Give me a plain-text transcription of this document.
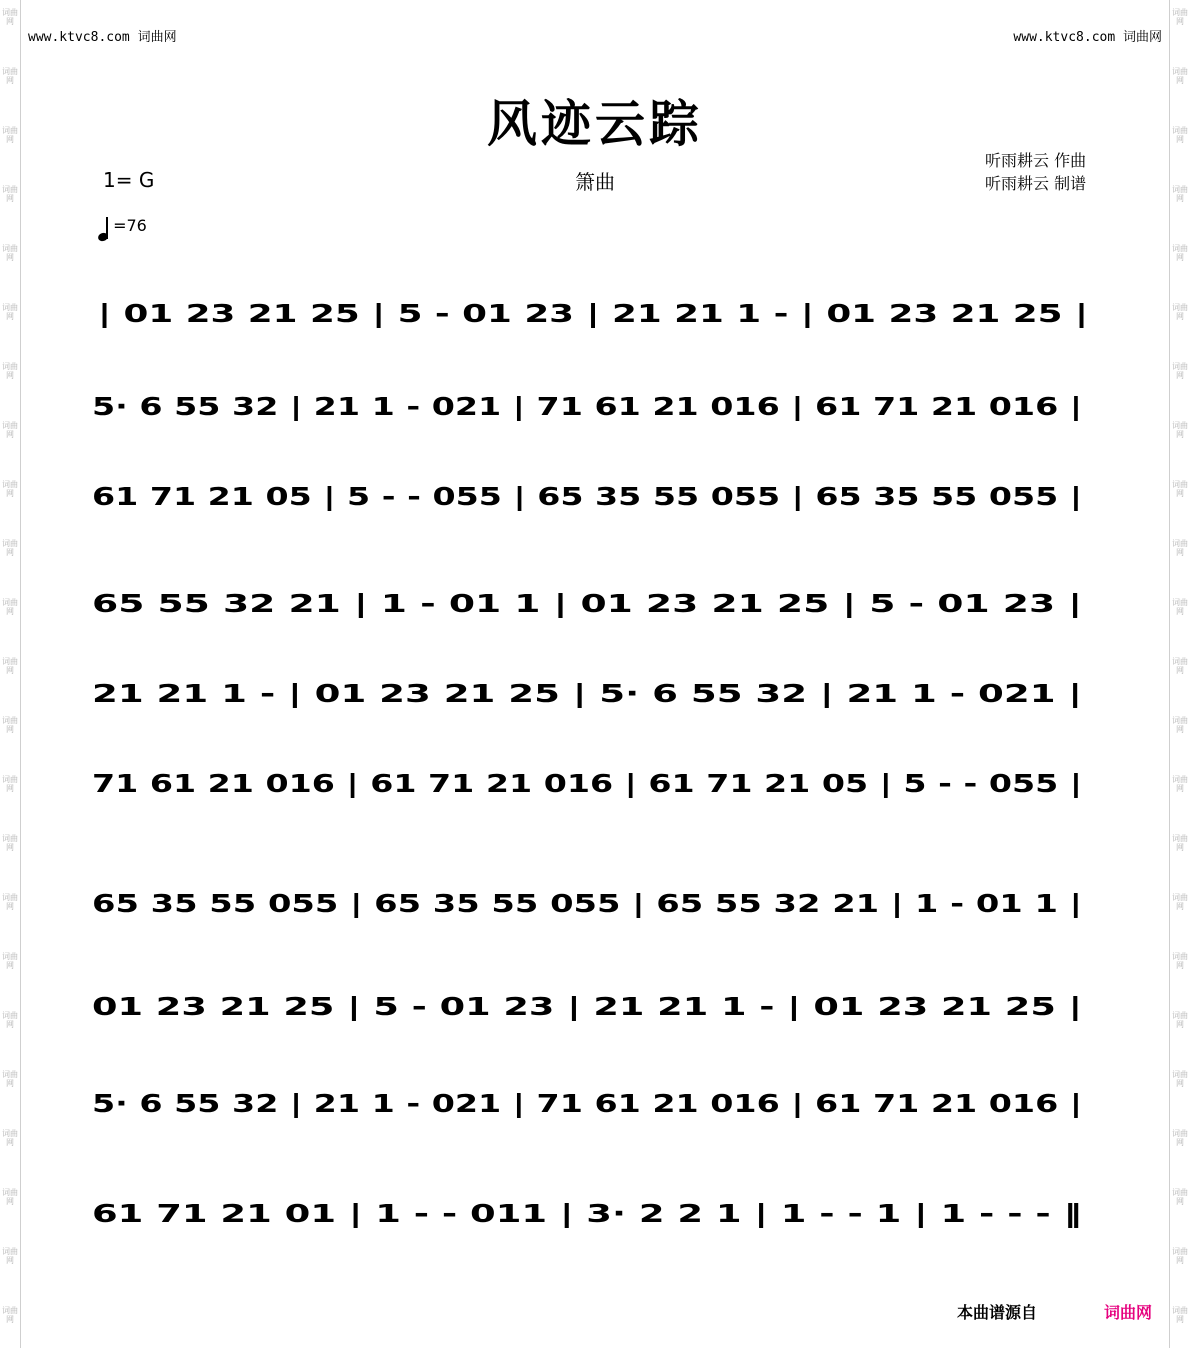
词曲网
词曲网
词曲网
词曲网
词曲网
词曲网
词曲网
词曲网
词曲网
词曲网
词曲网
词曲网
词曲网
词曲网
词曲网
词曲网
词曲网
词曲网
词曲网
词曲网
词曲网
词曲网
词曲网
词曲网
词曲网
词曲网
词曲网
词曲网
词曲网
词曲网
词曲网
词曲网
词曲网
词曲网
词曲网
词曲网
词曲网
词曲网
词曲网
词曲网
词曲网
词曲网
词曲网
词曲网
词曲网
词曲网
www.ktvc8.com 词曲网	www.ktvc8.com 词曲网
风迹云踪
箫曲
1= G
听雨耕云 作曲
听雨耕云 制谱
=76
| 01 23 21 25 | 5 - 01 23 | 21 21 1 - | 01 23 21 25 |
5· 6 55 32 | 21 1 - 021 | 71 61 21 016 | 61 71 21 016 |
61 71 21 05 | 5 - - 055 | 65 35 55 055 | 65 35 55 055 |
65 55 32 21 | 1 - 01 1 | 01 23 21 25 | 5 - 01 23 |
21 21 1 - | 01 23 21 25 | 5· 6 55 32 | 21 1 - 021 |
71 61 21 016 | 61 71 21 016 | 61 71 21 05 | 5 - - 055 |
65 35 55 055 | 65 35 55 055 | 65 55 32 21 | 1 - 01 1 |
01 23 21 25 | 5 - 01 23 | 21 21 1 - | 01 23 21 25 |
5· 6 55 32 | 21 1 - 021 | 71 61 21 016 | 61 71 21 016 |
61 71 21 01 | 1 - - 011 | 3· 2 2 1 | 1 - - 1 | 1 - - - ‖
本曲谱源自	词曲网
